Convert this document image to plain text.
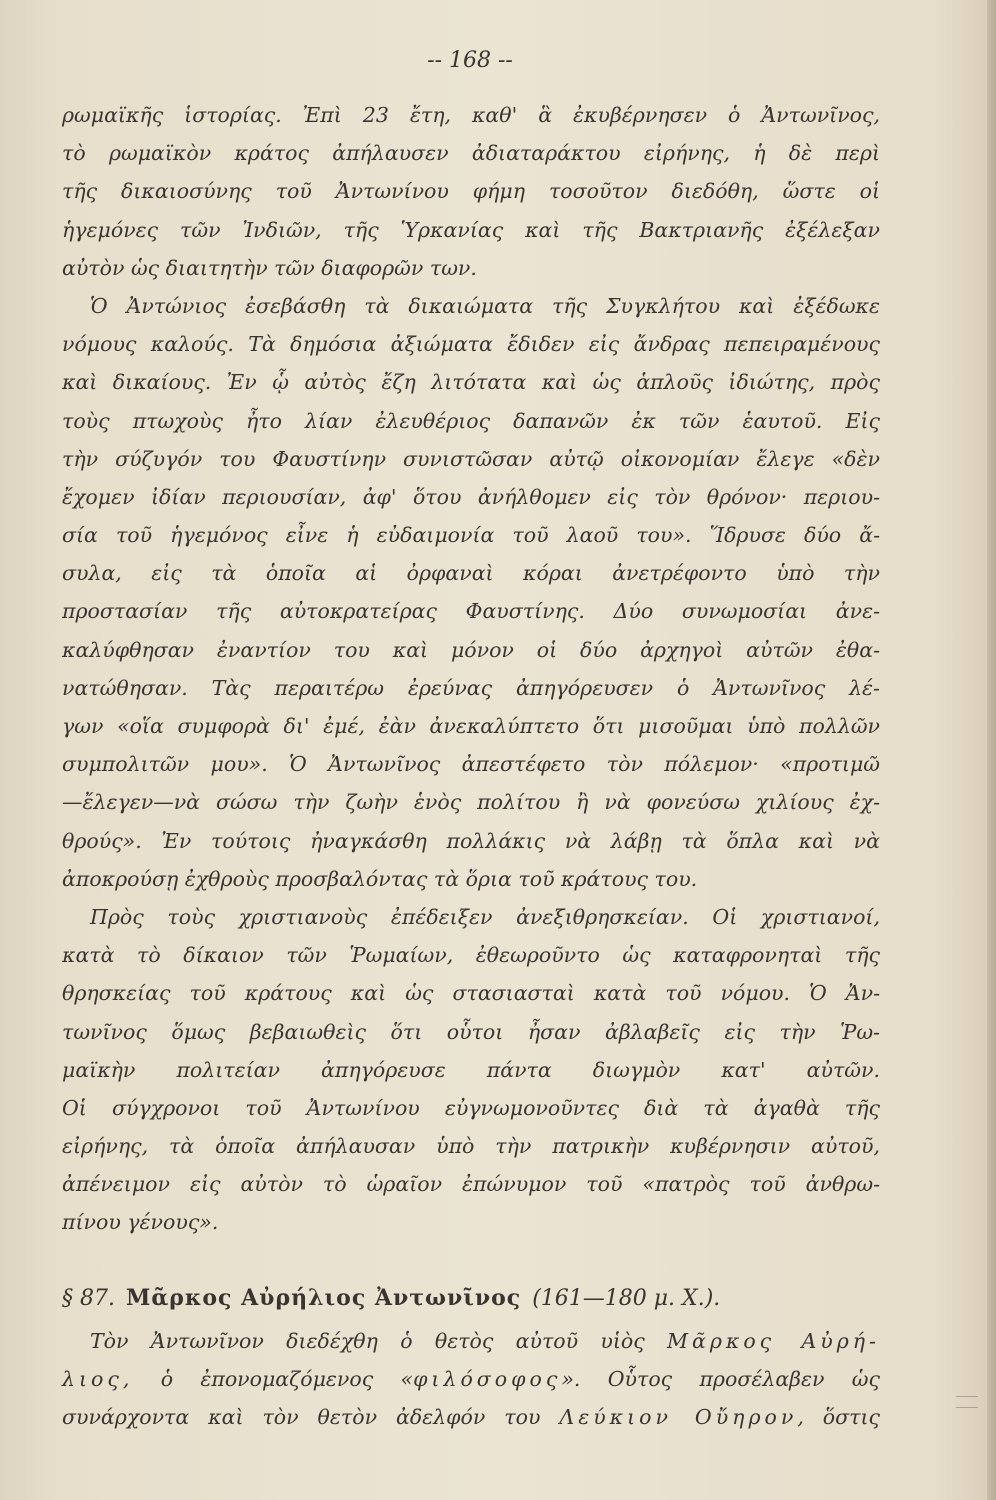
-- 168 --
ρωμαϊκῆς ἱστορίας. Ἐπὶ 23 ἔτη, καθ' ἃ ἐκυβέρνησεν ὁ Ἀντωνῖνος,
τὸ ρωμαϊκὸν κράτος ἀπήλαυσεν ἀδιαταράκτου εἰρήνης, ἡ δὲ περὶ
τῆς δικαιοσύνης τοῦ Ἀντωνίνου φήμη τοσοῦτον διεδόθη, ὥστε οἱ
ἡγεμόνες τῶν Ἰνδιῶν, τῆς Ὑρκανίας καὶ τῆς Βακτριανῆς ἐξέλεξαν
αὐτὸν ὡς διαιτητὴν τῶν διαφορῶν των.
Ὁ Ἀντώνιος ἐσεβάσθη τὰ δικαιώματα τῆς Συγκλήτου καὶ ἐξέδωκε
νόμους καλούς. Τὰ δημόσια ἀξιώματα ἔδιδεν εἰς ἄνδρας πεπειραμένους
καὶ δικαίους. Ἐν ᾧ αὐτὸς ἔζη λιτότατα καὶ ὡς ἁπλοῦς ἰδιώτης, πρὸς
τοὺς πτωχοὺς ἦτο λίαν ἐλευθέριος δαπανῶν ἐκ τῶν ἑαυτοῦ. Εἰς
τὴν σύζυγόν του Φαυστίνην συνιστῶσαν αὐτῷ οἰκονομίαν ἔλεγε «δὲν
ἔχομεν ἰδίαν περιουσίαν, ἀφ' ὅτου ἀνήλθομεν εἰς τὸν θρόνον· περιου-
σία τοῦ ἡγεμόνος εἶνε ἡ εὐδαιμονία τοῦ λαοῦ του». Ἵδρυσε δύο ἄ-
συλα, εἰς τὰ ὁποῖα αἱ ὀρφαναὶ κόραι ἀνετρέφοντο ὑπὸ τὴν
προστασίαν τῆς αὐτοκρατείρας Φαυστίνης. Δύο συνωμοσίαι ἀνε-
καλύφθησαν ἐναντίον του καὶ μόνον οἱ δύο ἀρχηγοὶ αὐτῶν ἐθα-
νατώθησαν. Τὰς περαιτέρω ἐρεύνας ἀπηγόρευσεν ὁ Ἀντωνῖνος λέ-
γων «οἵα συμφορὰ δι' ἐμέ, ἐὰν ἀνεκαλύπτετο ὅτι μισοῦμαι ὑπὸ πολλῶν
συμπολιτῶν μου». Ὁ Ἀντωνῖνος ἀπεστέφετο τὸν πόλεμον· «προτιμῶ
—ἔλεγεν—νὰ σώσω τὴν ζωὴν ἑνὸς πολίτου ἢ νὰ φονεύσω χιλίους ἐχ-
θρούς». Ἐν τούτοις ἠναγκάσθη πολλάκις νὰ λάβῃ τὰ ὅπλα καὶ νὰ
ἀποκρούσῃ ἐχθροὺς προσβαλόντας τὰ ὅρια τοῦ κράτους του.
Πρὸς τοὺς χριστιανοὺς ἐπέδειξεν ἀνεξιθρησκείαν. Οἱ χριστιανοί,
κατὰ τὸ δίκαιον τῶν Ῥωμαίων, ἐθεωροῦντο ὡς καταφρονηταὶ τῆς
θρησκείας τοῦ κράτους καὶ ὡς στασιασταὶ κατὰ τοῦ νόμου. Ὁ Ἀν-
τωνῖνος ὅμως βεβαιωθεὶς ὅτι οὗτοι ἦσαν ἀβλαβεῖς εἰς τὴν Ῥω-
μαϊκὴν πολιτείαν ἀπηγόρευσε πάντα διωγμὸν κατ' αὐτῶν.
Οἱ σύγχρονοι τοῦ Ἀντωνίνου εὐγνωμονοῦντες διὰ τὰ ἀγαθὰ τῆς
εἰρήνης, τὰ ὁποῖα ἀπήλαυσαν ὑπὸ τὴν πατρικὴν κυβέρνησιν αὐτοῦ,
ἀπένειμον εἰς αὐτὸν τὸ ὡραῖον ἐπώνυμον τοῦ «πατρὸς τοῦ ἀνθρω-
πίνου γένους».
§ 87. Μᾶρκος Αὐρήλιος Ἀντωνῖνος (161—180 μ. Χ.).
Τὸν Ἀντωνῖνον διεδέχθη ὁ θετὸς αὐτοῦ υἱὸς Μᾶρκος Αὐρή-
λιος, ὁ ἐπονομαζόμενος «φιλόσοφος». Οὗτος προσέλαβεν ὡς
συνάρχοντα καὶ τὸν θετὸν ἀδελφόν του Λεύκιον Οὔηρον, ὅστις
